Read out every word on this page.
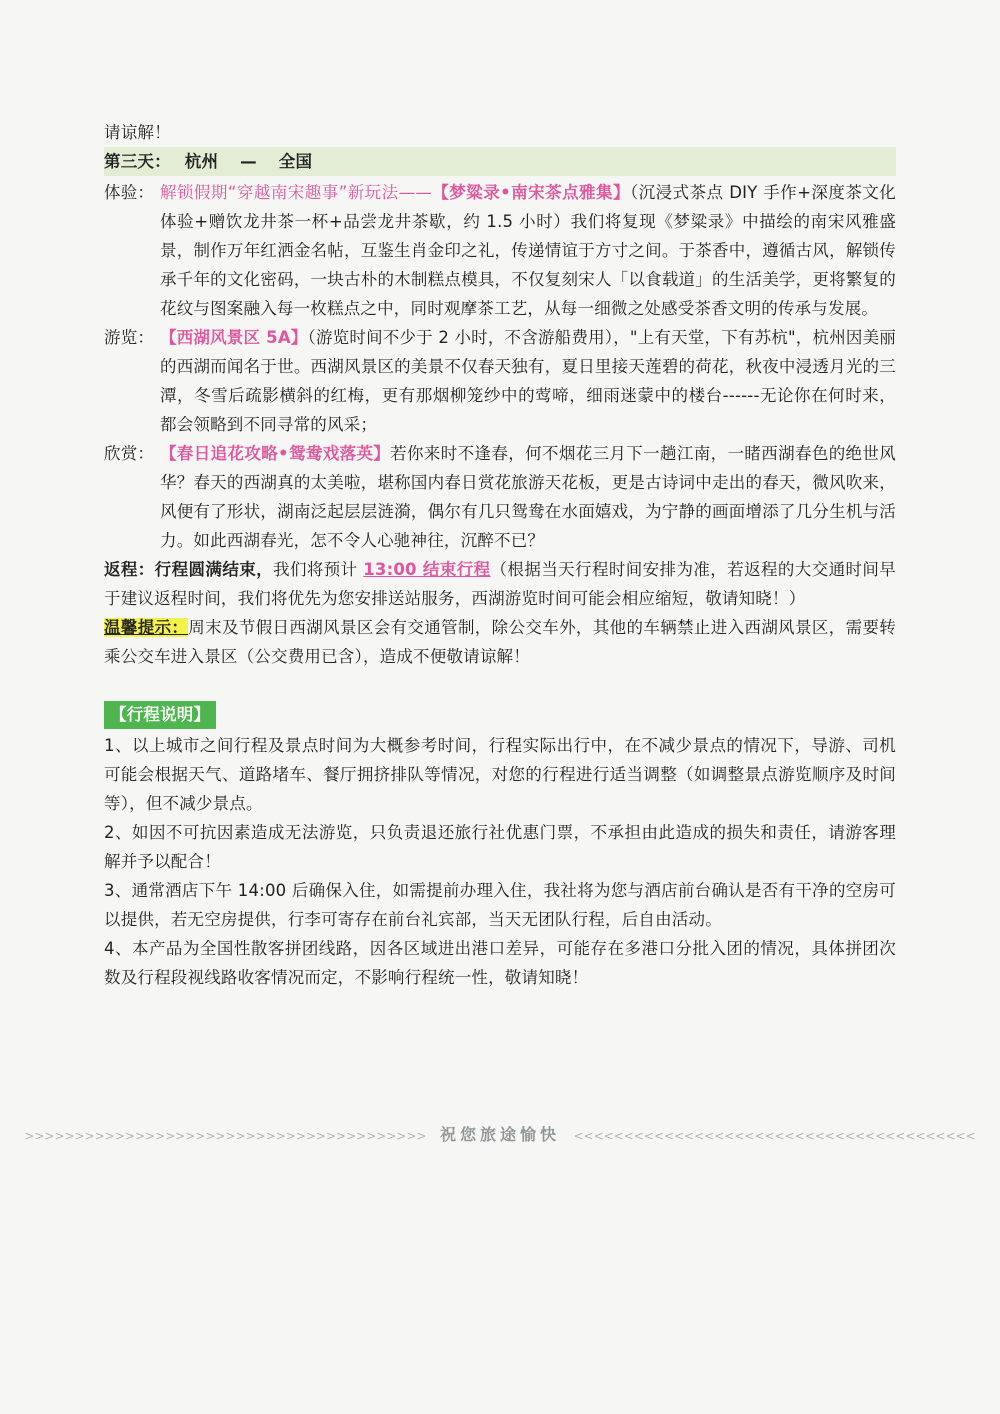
请谅解！
第三天： 杭州 — 全国
体验： 解锁假期“穿越南宋趣事”新玩法——【梦粱录•南宋茶点雅集】（沉浸式茶点 DIY 手作+深度茶文化体验+赠饮龙井茶一杯+品尝龙井茶歇，约 1.5 小时）我们将复现《梦粱录》中描绘的南宋风雅盛景，制作万年红洒金名帖，互鉴生肖金印之礼，传递情谊于方寸之间。于茶香中，遵循古风，解锁传承千年的文化密码，一块古朴的木制糕点模具，不仅复刻宋人「以食载道」的生活美学，更将繁复的花纹与图案融入每一枚糕点之中，同时观摩茶工艺，从每一细微之处感受茶香文明的传承与发展。
游览： 【西湖风景区 5A】（游览时间不少于 2 小时，不含游船费用），"上有天堂，下有苏杭"，杭州因美丽的西湖而闻名于世。西湖风景区的美景不仅春天独有，夏日里接天莲碧的荷花，秋夜中浸透月光的三潭，冬雪后疏影横斜的红梅，更有那烟柳笼纱中的莺啼，细雨迷蒙中的楼台------无论你在何时来，都会领略到不同寻常的风采；
欣赏： 【春日追花攻略•鸳鸯戏落英】若你来时不逢春，何不烟花三月下一趟江南，一睹西湖春色的绝世风华？春天的西湖真的太美啦，堪称国内春日赏花旅游天花板，更是古诗词中走出的春天，微风吹来，风便有了形状，湖南泛起层层涟漪，偶尔有几只鸳鸯在水面嬉戏，为宁静的画面增添了几分生机与活力。如此西湖春光，怎不令人心驰神往，沉醉不已？
返程：行程圆满结束，我们将预计 13:00 结束行程（根据当天行程时间安排为准，若返程的大交通时间早于建议返程时间，我们将优先为您安排送站服务，西湖游览时间可能会相应缩短，敬请知晓！）
温馨提示：周末及节假日西湖风景区会有交通管制，除公交车外，其他的车辆禁止进入西湖风景区，需要转乘公交车进入景区（公交费用已含），造成不便敬请谅解！
【行程说明】
1、以上城市之间行程及景点时间为大概参考时间，行程实际出行中，在不减少景点的情况下，导游、司机可能会根据天气、道路堵车、餐厅拥挤排队等情况，对您的行程进行适当调整（如调整景点游览顺序及时间等），但不减少景点。
2、如因不可抗因素造成无法游览，只负责退还旅行社优惠门票，不承担由此造成的损失和责任，请游客理解并予以配合！
3、通常酒店下午 14:00 后确保入住，如需提前办理入住，我社将为您与酒店前台确认是否有干净的空房可以提供，若无空房提供，行李可寄存在前台礼宾部，当天无团队行程，后自由活动。
4、本产品为全国性散客拼团线路，因各区域进出港口差异，可能存在多港口分批入团的情况，具体拼团次数及行程段视线路收客情况而定，不影响行程统一性，敬请知晓！
>>>>>>>>>>>>>>>>>>>>>>>>>>>>>>>>>>>>>>>> 祝您旅途愉快 <<<<<<<<<<<<<<<<<<<<<<<<<<<<<<<<<<<<<<<<
